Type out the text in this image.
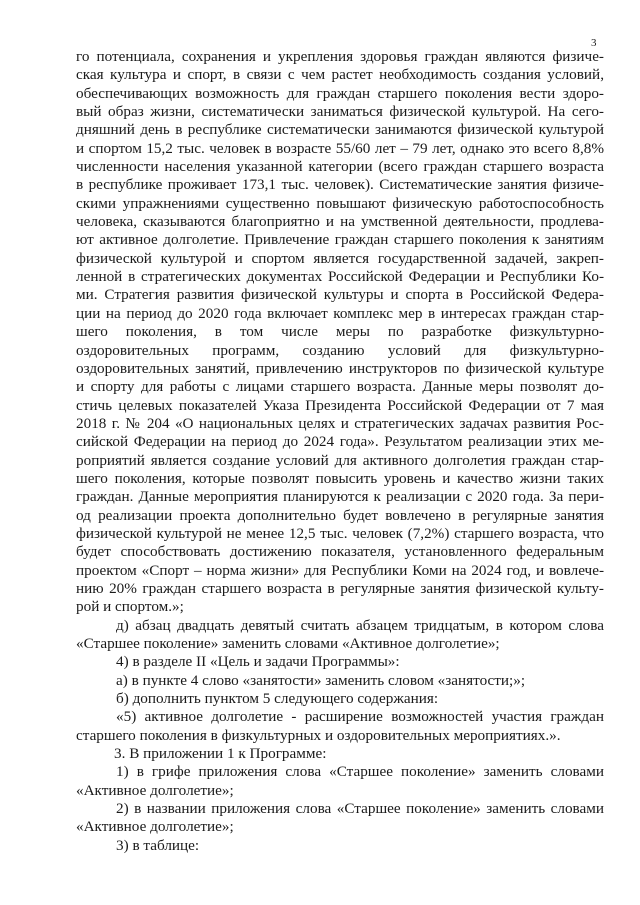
3
го потенциала, сохранения и укрепления здоровья граждан являются физиче-
ская культура и спорт, в связи с чем растет необходимость создания условий,
обеспечивающих возможность для граждан старшего поколения вести здоро-
вый образ жизни, систематически заниматься физической культурой. На сего-
дняшний день в республике систематически занимаются физической культурой
и спортом 15,2 тыс. человек в возрасте 55/60 лет – 79 лет, однако это всего 8,8%
численности населения указанной категории (всего граждан старшего возраста
в республике проживает 173,1 тыс. человек). Систематические занятия физиче-
скими упражнениями существенно повышают физическую работоспособность
человека, сказываются благоприятно и на умственной деятельности, продлева-
ют активное долголетие. Привлечение граждан старшего поколения к занятиям
физической культурой и спортом является государственной задачей, закреп-
ленной в стратегических документах Российской Федерации и Республики Ко-
ми. Стратегия развития физической культуры и спорта в Российской Федера-
ции на период до 2020 года включает комплекс мер в интересах граждан стар-
шего поколения, в том числе меры по разработке физкультурно-
оздоровительных программ, созданию условий для физкультурно-
оздоровительных занятий, привлечению инструкторов по физической культуре
и спорту для работы с лицами старшего возраста. Данные меры позволят до-
стичь целевых показателей Указа Президента Российской Федерации от 7 мая
2018 г. № 204 «О национальных целях и стратегических задачах развития Рос-
сийской Федерации на период до 2024 года». Результатом реализации этих ме-
роприятий является создание условий для активного долголетия граждан стар-
шего поколения, которые позволят повысить уровень и качество жизни таких
граждан. Данные мероприятия планируются к реализации с 2020 года. За пери-
од реализации проекта дополнительно будет вовлечено в регулярные занятия
физической культурой не менее 12,5 тыс. человек (7,2%) старшего возраста, что
будет способствовать достижению показателя, установленного федеральным
проектом «Спорт – норма жизни» для Республики Коми на 2024 год, и вовлече-
нию 20% граждан старшего возраста в регулярные занятия физической культу-
рой и спортом.»;
д) абзац двадцать девятый считать абзацем тридцатым, в котором слова
«Старшее поколение» заменить словами «Активное долголетие»;
4) в разделе II «Цель и задачи Программы»:
а) в пункте 4 слово «занятости» заменить словом «занятости;»;
б) дополнить пунктом 5 следующего содержания:
«5) активное долголетие - расширение возможностей участия граждан
старшего поколения в физкультурных и оздоровительных мероприятиях.».
3. В приложении 1 к Программе:
1) в грифе приложения слова «Старшее поколение» заменить словами
«Активное долголетие»;
2) в названии приложения слова «Старшее поколение» заменить словами
«Активное долголетие»;
3) в таблице:
